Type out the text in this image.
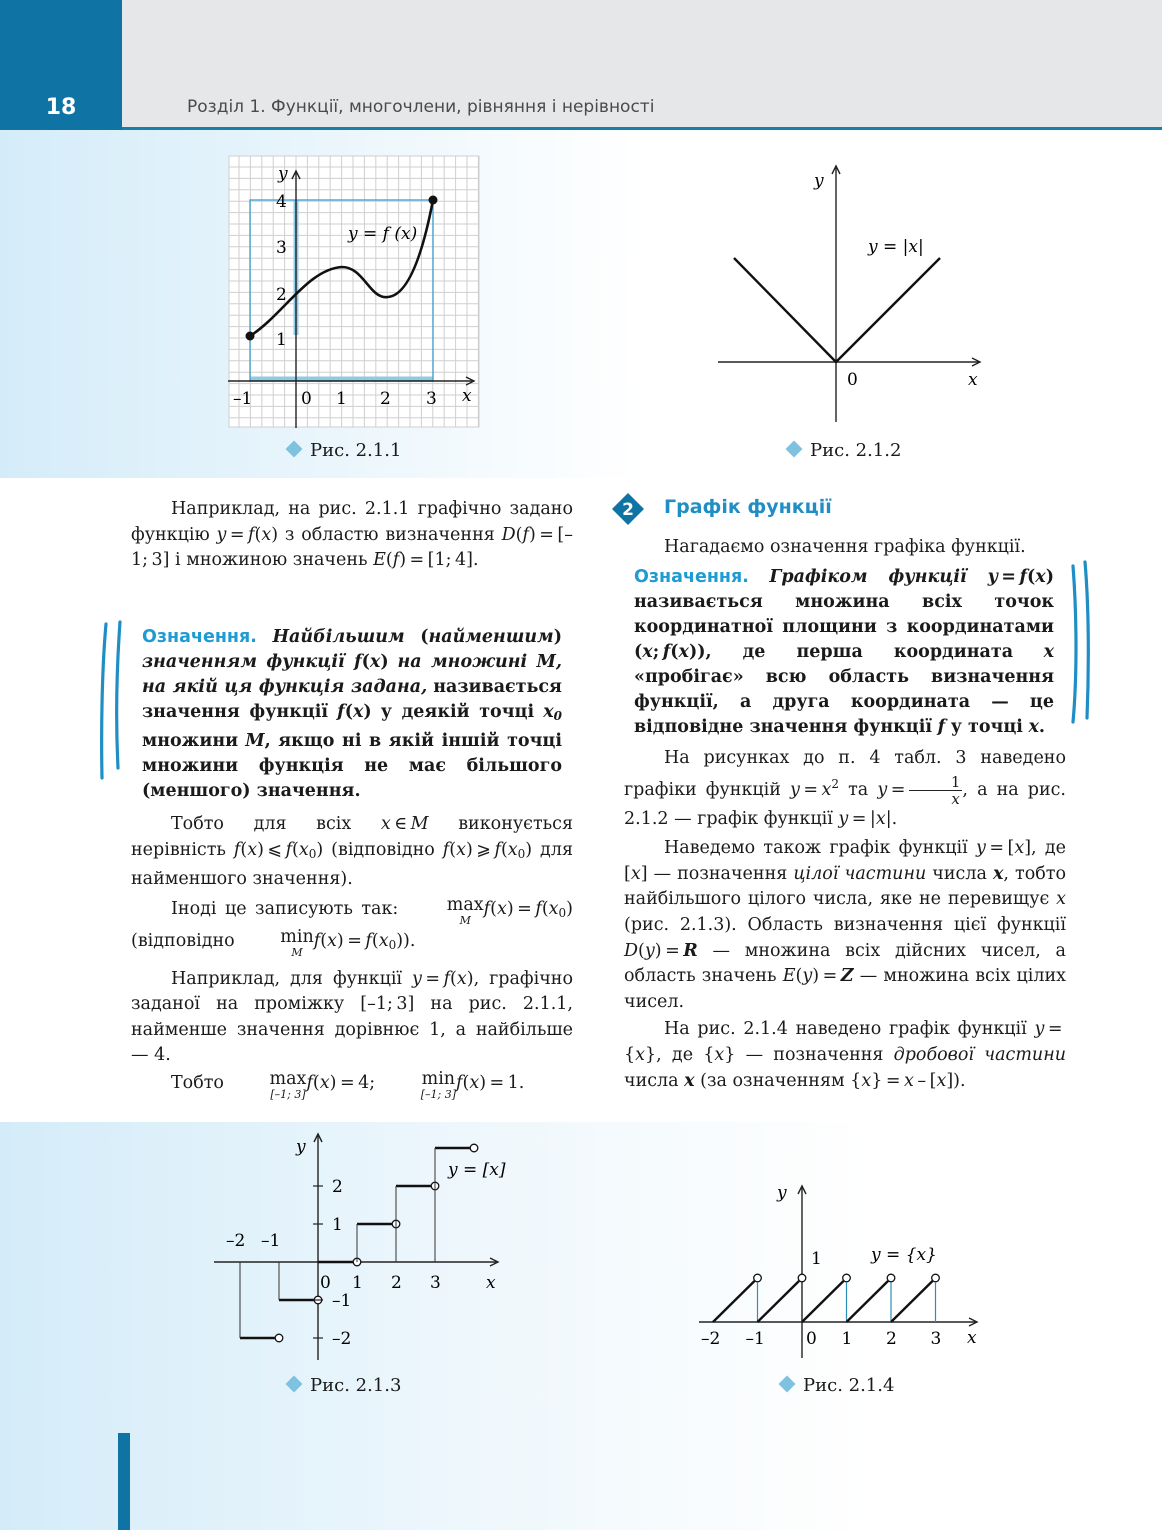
18	Розділ 1. Функції, многочлени, рівняння і нерівності
y = f (x)
y
x
–1	0 1 2 3
1
2
3
4
Рис. 2.1.1
y
y = |x|
0	x
Рис. 2.1.2

Наприклад, на рис. 2.1.1 графічно задано функцію y = f(x) з областю визначення D(f) = [–1; 3] і множиною значень E(f) = [1; 4].

Означення. Найбільшим (найменшим) значенням функції f(x) на множині M, на якій ця функція задана, називається значення функції f(x) у деякій точці $x_0$ множини M, якщо ні в якій іншій точці множини функція не має більшого (меншого) значення.

Тобто для всіх x ∈ M виконується нерівність f(x) ⩽ $f(x_0)$ (відповідно f(x) ⩾ $f(x_0)$ для найменшого значення).

Іноді це записують так: max
M
$f(x) = f(x_0)$ (відповідно min
M
$f(x) = f(x_0)$).

Наприклад, для функції y = f(x), графічно заданої на проміжку [–1; 3] на рис. 2.1.1, найменше значення дорівнює 1, а найбільше — 4.

Тобто max
[–1; 3]
f(x) = 4; min
[–1; 3]
f(x) = 1.

2 Графік функції

Нагадаємо означення графіка функції.

Означення. Графіком функції y = f(x) називається множина всіх точок координатної площини з координатами (x; f(x)), де перша координата x «пробігає» всю область визначення функції, а друга координата — це відповідне значення функції f у точці x.

На рисунках до п. 4 табл. 3 наведено графіки функцій $y = x^2$ та $y = \frac{1}{x}$ , а на рис. 2.1.2 — графік функції y = |x|.

Наведемо також графік функції y = [x], де [x] — позначення цілої частини числа x, тобто найбільшого цілого числа, яке не перевищує x (рис. 2.1.3). Область визначення цієї функції D(y) = R — множина всіх дійсних чисел, а область значень E(y) = Z — множина всіх цілих чисел.

На рис. 2.1.4 наведено графік функції y = {x}, де {x} — позначення дробової частини числа x (за означенням {x} = x – [x]).

y
x
y = [x]
0 1 2 3
–2 –1
2
1
–1
–2
Рис. 2.1.3
y
x
y = {x}
1
–2 –1 0 1 2 3
Рис. 2.1.4
